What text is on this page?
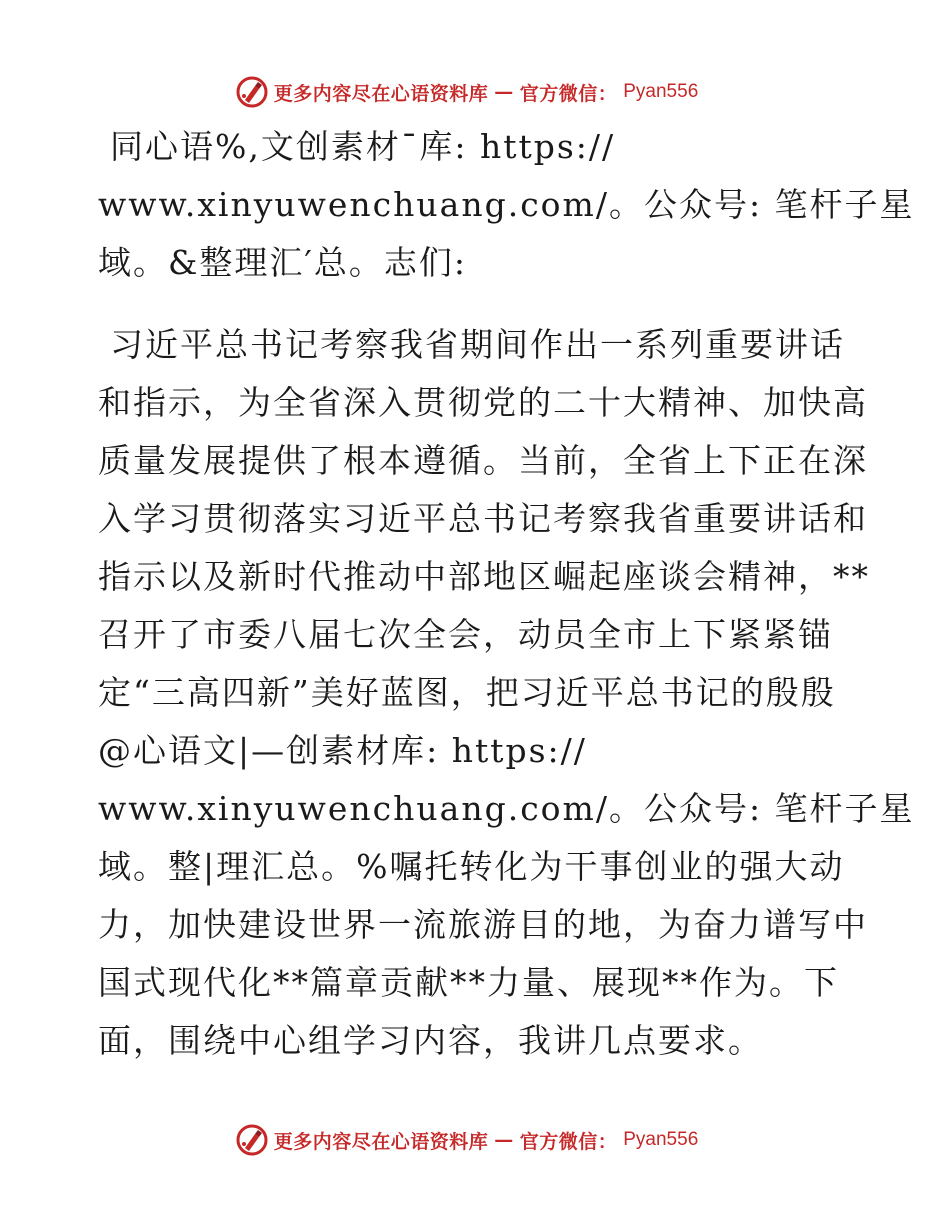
更多内容尽在心语资料库 — 官方微信： Pyan556
同心语%,文创素材¯库: https://
www.xinyuwenchuang.com/。公众号: 笔杆子星
域。&整理汇′总。志们:
习近平总书记考察我省期间作出一系列重要讲话
和指示，为全省深入贯彻党的二十大精神、加快高
质量发展提供了根本遵循。当前，全省上下正在深
入学习贯彻落实习近平总书记考察我省重要讲话和
指示以及新时代推动中部地区崛起座谈会精神，**
召开了市委八届七次全会，动员全市上下紧紧锚
定“三高四新”美好蓝图，把习近平总书记的殷殷
@心语文|—创素材库: https://
www.xinyuwenchuang.com/。公众号: 笔杆子星
域。整|理汇总。%嘱托转化为干事创业的强大动
力，加快建设世界一流旅游目的地，为奋力谱写中
国式现代化**篇章贡献**力量、展现**作为。下
面，围绕中心组学习内容，我讲几点要求。
更多内容尽在心语资料库 — 官方微信： Pyan556
